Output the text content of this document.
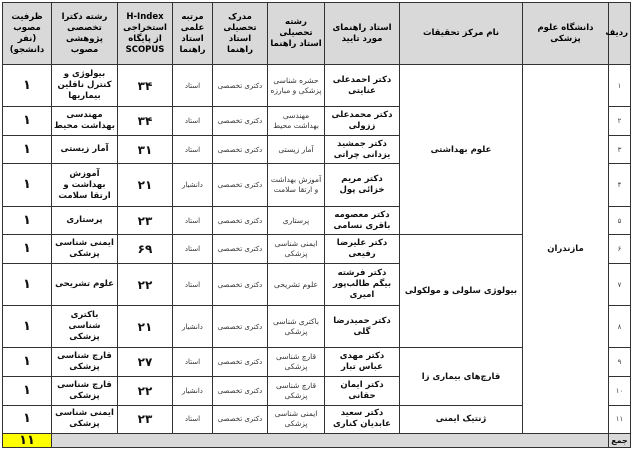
ردیف	دانشگاه علوم پزشکی	نام مرکز تحقیقات	استاد راهنمای مورد تایید	رشته تحصیلی استاد راهنما	مدرک تحصیلی استاد راهنما	مرتبه علمی استاد راهنما	H-Index استخراجی از پایگاه SCOPUS	رشته دکترا تخصصی پژوهشی مصوب	ظرفیت مصوب (نفر دانشجو)
۱	مازندران	علوم بهداشتی	دکتر احمدعلی عنایتی	حشره شناسی پزشکی و مبارزه	دکتری تخصصی	استاد	۳۴	بیولوژی و کنترل ناقلین بیماریها	۱
۲			دکتر محمدعلی ززولی	مهندسی بهداشت محیط	دکتری تخصصی	استاد	۳۴	مهندسی بهداشت محیط	۱
۳			دکتر جمشید یزدانی چراتی	آمار زیستی	دکتری تخصصی	استاد	۳۱	آمار زیستی	۱
۴			دکتر مریم خزائی پول	آموزش بهداشت و ارتقا سلامت	دکتری تخصصی	دانشیار	۲۱	آموزش بهداشت و ارتقا سلامت	۱
۵			دکتر معصومه باقری نسامی	پرستاری	دکتری تخصصی	استاد	۲۳	پرستاری	۱
۶		بیولوژی سلولی و مولکولی	دکتر علیرضا رفیعی	ایمنی شناسی پزشکی	دکتری تخصصی	استاد	۶۹	ایمنی شناسی پزشکی	۱
۷			دکتر فرشته بیگم طالب‌پور امیری	علوم تشریحی	دکتری تخصصی	استاد	۲۲	علوم تشریحی	۱
۸			دکتر حمیدرضا گلی	باکتری شناسی پزشکی	دکتری تخصصی	دانشیار	۲۱	باکتری شناسی پزشکی	۱
۹		قارچ‌های بیماری زا	دکتر مهدی عباس تبار	قارچ شناسی پزشکی	دکتری تخصصی	استاد	۲۷	قارچ شناسی پزشکی	۱
۱۰			دکتر ایمان حقانی	قارچ شناسی پزشکی	دکتری تخصصی	دانشیار	۲۲	قارچ شناسی پزشکی	۱
۱۱		ژنتیک ایمنی	دکتر سعید عابدیان کناری	ایمنی شناسی پزشکی	دکتری تخصصی	استاد	۲۳	ایمنی شناسی پزشکی	۱
جمع									۱۱
